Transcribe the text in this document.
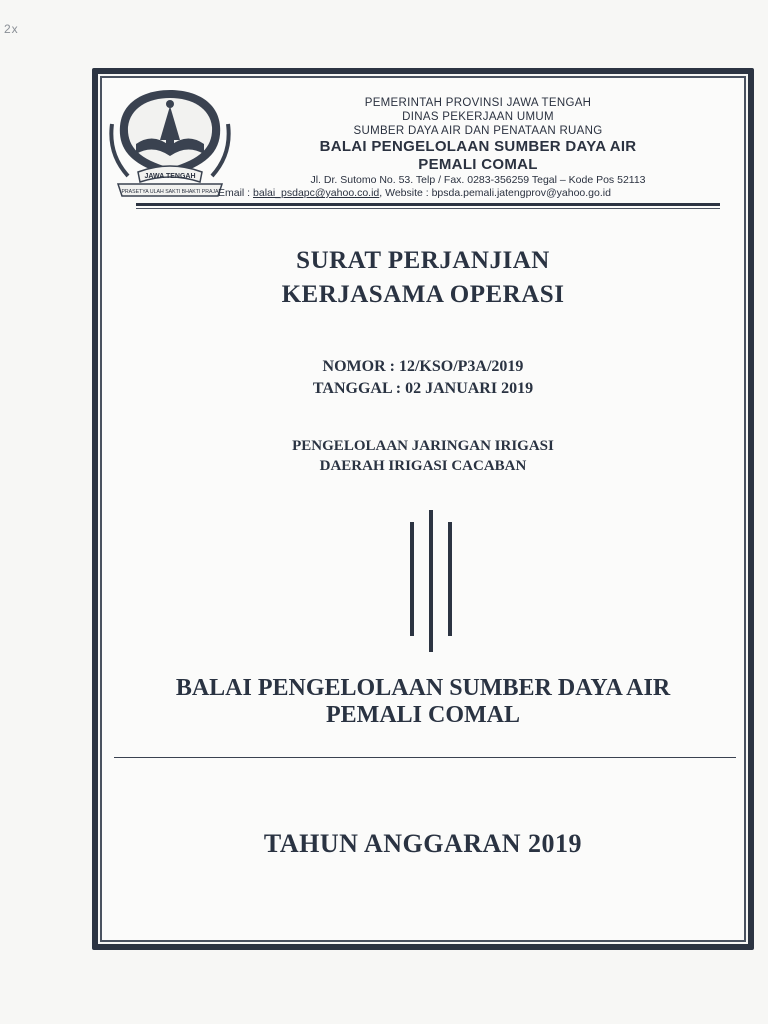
2x
JAWA TENGAH
PRASETYA ULAH SAKTI BHAKTI PRAJA
PEMERINTAH PROVINSI JAWA TENGAH
DINAS PEKERJAAN UMUM
SUMBER DAYA AIR DAN PENATAAN RUANG
BALAI PENGELOLAAN SUMBER DAYA AIR
PEMALI COMAL
Jl. Dr. Sutomo No. 53. Telp / Fax. 0283-356259 Tegal – Kode Pos 52113
Email : balai_psdapc@yahoo.co.id, Website : bpsda.pemali.jatengprov@yahoo.go.id
SURAT PERJANJIAN
KERJASAMA OPERASI
NOMOR : 12/KSO/P3A/2019
TANGGAL : 02 JANUARI 2019
PENGELOLAAN JARINGAN IRIGASI
DAERAH IRIGASI CACABAN
BALAI PENGELOLAAN SUMBER DAYA AIR
PEMALI COMAL
TAHUN ANGGARAN 2019
